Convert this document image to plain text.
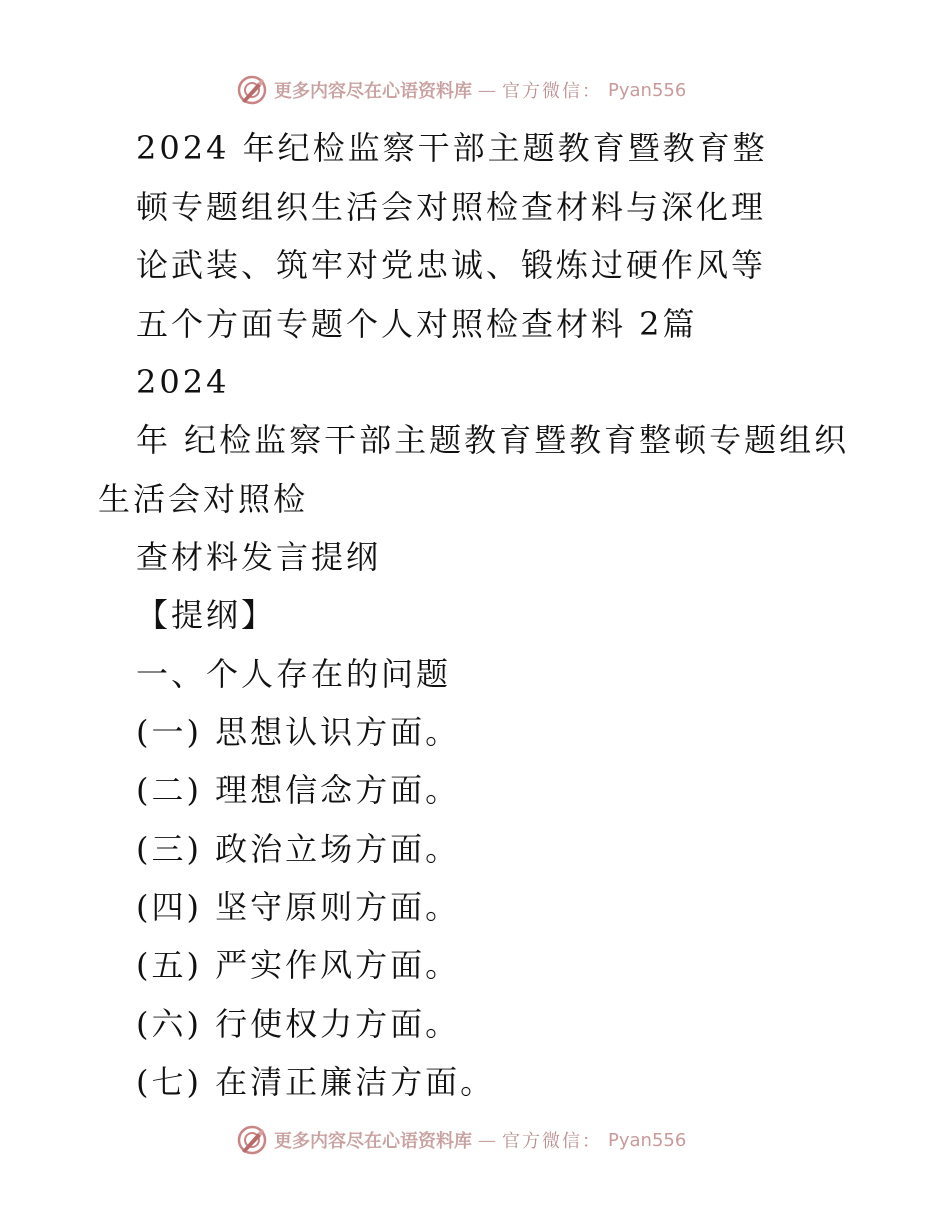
更多内容尽在心语资料库 — 官方微信： Pyan556
2024 年纪检监察干部主题教育暨教育整
顿专题组织生活会对照检查材料与深化理
论武装、筑牢对党忠诚、锻炼过硬作风等
五个方面专题个人对照检查材料 2篇
2024
年 纪检监察干部主题教育暨教育整顿专题组织
生活会对照检
查材料发言提纲
【提纲】
一、个人存在的问题
(一) 思想认识方面。
(二) 理想信念方面。
(三) 政治立场方面。
(四) 坚守原则方面。
(五) 严实作风方面。
(六) 行使权力方面。
(七) 在清正廉洁方面。
更多内容尽在心语资料库 — 官方微信： Pyan556
